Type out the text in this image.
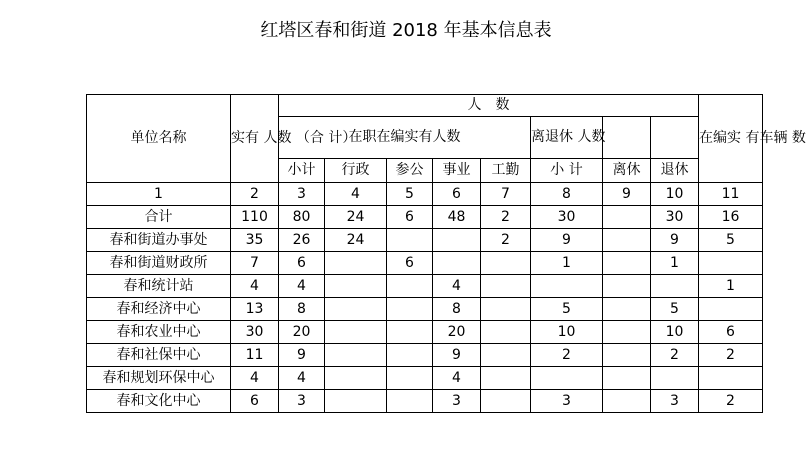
红塔区春和街道 2018 年基本信息表
单位名称	实有 人数 （合 计）	人　数								在编实 有车辆 数
		在职在编实有人数					离退休 人数			

		小计	行政	参公	事业	工勤	小 计	离休	退休	
1	2	3	4	5	6	7	8	9	10	11
合计	110	80	24	6	48	2	30		30	16
春和街道办事处	35	26	24			2	9		9	5
春和街道财政所	7	6		6			1		1	
春和统计站	4	4			4					1
春和经济中心	13	8			8		5		5	
春和农业中心	30	20			20		10		10	6
春和社保中心	11	9			9		2		2	2
春和规划环保中心	4	4			4					
春和文化中心	6	3			3		3		3	2
